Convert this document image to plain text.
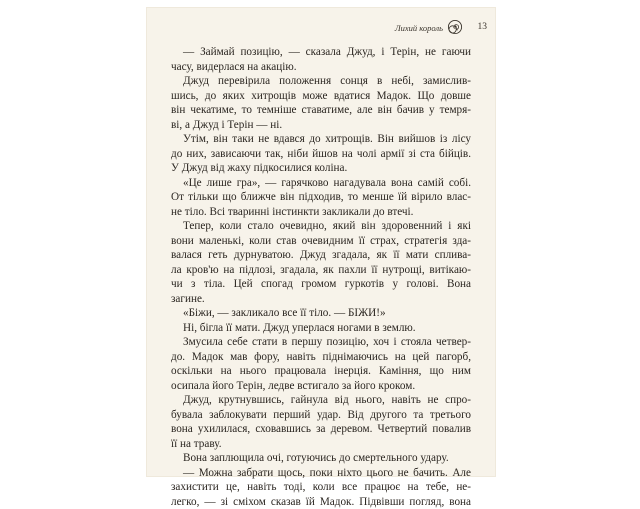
Лихий король	13
— Займай позицію, — сказала Джуд, і Терін, не гаючи
часу, видерлася на акацію.
Джуд перевірила положення сонця в небі, замислив-
шись, до яких хитрощів може вдатися Мадок. Що довше
він чекатиме, то темніше ставатиме, але він бачив у темря-
ві, а Джуд і Терін — ні.
Утім, він таки не вдався до хитрощів. Він вийшов із лісу
до них, зависаючи так, ніби йшов на чолі армії зі ста бійців.
У Джуд від жаху підкосилися коліна.
«Це лише гра», — гарячково нагадувала вона самій собі.
От тільки що ближче він підходив, то менше їй вірило влас-
не тіло. Всі тваринні інстинкти закликали до втечі.
Тепер, коли стало очевидно, який він здоровенний і які
вони маленькі, коли став очевидним її страх, стратегія здa-
валася геть дурнуватою. Джуд згадала, як її мати сплива-
ла кров'ю на підлозі, згадала, як пахли її нутрощі, витікаю-
чи з тіла. Цей спогад громом гуркотів у голові. Вона
загине.
«Біжи, — закликало все її тіло. — БІЖИ!»
Ні, бігла її мати. Джуд уперлася ногами в землю.
Змусила себе стати в першу позицію, хоч і стояла четвер-
до. Мадок мав фору, навіть піднімаючись на цей пагорб,
оскільки на нього працювала інерція. Каміння, що ним
осипала його Терін, ледве встигало за його кроком.
Джуд, крутнувшись, гайнула від нього, навіть не спро-
бувала заблокувати перший удар. Від другого та третього
вона ухилилася, сховавшись за деревом. Четвертий повалив
її на траву.
Вона заплющила очі, готуючись до смертельного удару.
— Можна забрати щось, поки ніхто цього не бачить. Але
захистити це, навіть тоді, коли все працює на тебе, не-
легко, — зі сміхом сказав їй Мадок. Підвівши погляд, вона
